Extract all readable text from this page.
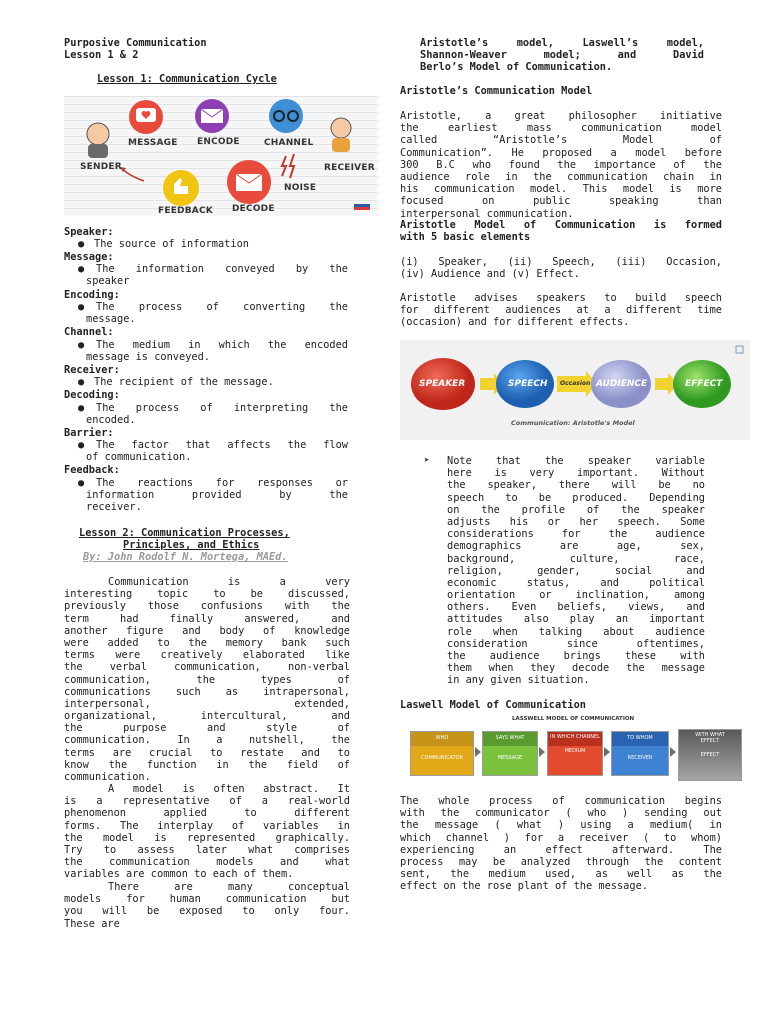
Purposive Communication
Lesson 1 & 2
Lesson 1: Communication Cycle
SENDER
MESSAGE ENCODE	CHANNEL
NOISE
RECEIVER
FEEDBACK DECODE
Speaker:
● The source of information
Message:
● The information conveyed by the
speaker
Encoding:
● The process of converting the
message.
Channel:
● The medium in which the encoded
message is conveyed.
Receiver:
● The recipient of the message.
Decoding:
● The process of interpreting the
encoded.
Barrier:
● The factor that affects the flow
of communication.
Feedback:
● The reactions for responses or
information provided by the
receiver.
Lesson 2: Communication Processes,
Principles, and Ethics
By: John Rodolf N. Mortega, MAEd.
Communication is a very
interesting topic to be discussed,
previously those confusions with the
term had finally answered, and
another figure and body of knowledge
were added to the memory bank such
terms were creatively elaborated like
the verbal communication, non-verbal
communication, the types of
communications such as intrapersonal,
interpersonal, extended,
organizational, intercultural, and
the purpose and style of
communication. In a nutshell, the
terms are crucial to restate and to
know the function in the field of
communication.
A model is often abstract. It
is a representative of a real-world
phenomenon applied to different
forms. The interplay of variables in
the model is represented graphically.
Try to assess later what comprises
the communication models and what
variables are common to each of them.
There are many conceptual
models for human communication but
you will be exposed to only four.
These are
Aristotle’s model, Laswell’s model,
Shannon-Weaver model; and David
Berlo’s Model of Communication.
Aristotle’s Communication Model
Aristotle, a great philosopher initiative
the earliest mass communication model
called “Aristotle’s Model of
Communication”. He proposed a model before
300 B.C who found the importance of the
audience role in the communication chain in
his communication model. This model is more
focused on public speaking than
interpersonal communication.
Aristotle Model of Communication is formed
with 5 basic elements
(i) Speaker, (ii) Speech, (iii) Occasion,
(iv) Audience and (v) Effect.
Aristotle advises speakers to build speech
for different audiences at a different time
(occasion) and for different effects.
SPEAKER	SPEECH Occasion AUDIENCE	EFFECT
Communication: Aristotle's Model
➤ Note that the speaker variable
here is very important. Without
the speaker, there will be no
speech to be produced. Depending
on the profile of the speaker
adjusts his or her speech. Some
considerations for the audience
demographics are age, sex,
background, culture, race,
religion, gender, social and
economic status, and political
orientation or inclination, among
others. Even beliefs, views, and
attitudes also play an important
role when talking about audience
consideration since oftentimes,
the audience brings these with
them when they decode the message
in any given situation.
Laswell Model of Communication
LASSWELL MODEL OF COMMUNICATION
WHO
COMMUNICATOR
SAYS WHAT
MESSAGE
IN WHICH CHANNEL
MEDIUM
TO WHOM
RECEIVER
WITH WHAT EFFECT
EFFECT
The whole process of communication begins
with the communicator ( who ) sending out
the message ( what ) using a medium( in
which channel ) for a receiver ( to whom)
experiencing an effect afterward. The
process may be analyzed through the content
sent, the medium used, as well as the
effect on the rose plant of the message.
